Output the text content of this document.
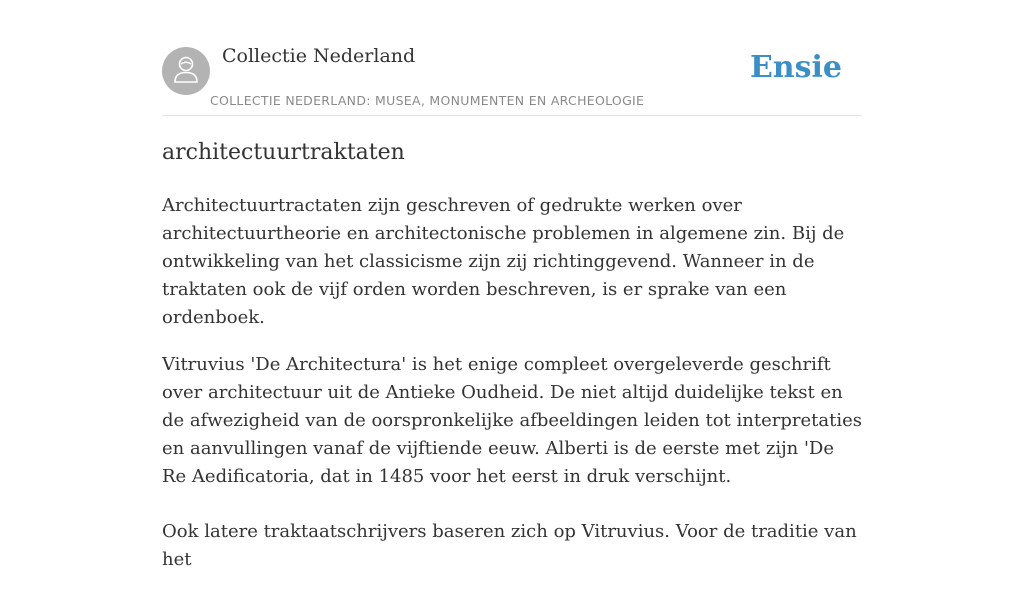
Collectie Nederland
COLLECTIE NEDERLAND: MUSEA, MONUMENTEN EN ARCHEOLOGIE
Ensie
architectuurtraktaten

Architectuurtractaten zijn geschreven of gedrukte werken over architectuurtheorie en architectonische problemen in algemene zin. Bij de ontwikkeling van het classicisme zijn zij richtinggevend. Wanneer in de traktaten ook de vijf orden worden beschreven, is er sprake van een ordenboek.

Vitruvius 'De Architectura' is het enige compleet overgeleverde geschrift over architectuur uit de Antieke Oudheid. De niet altijd duidelijke tekst en de afwezigheid van de oorspronkelijke afbeeldingen leiden tot interpretaties en aanvullingen vanaf de vijftiende eeuw. Alberti is de eerste met zijn 'De Re Aedificatoria, dat in 1485 voor het eerst in druk verschijnt.

Ook latere traktaatschrijvers baseren zich op Vitruvius. Voor de traditie van het
